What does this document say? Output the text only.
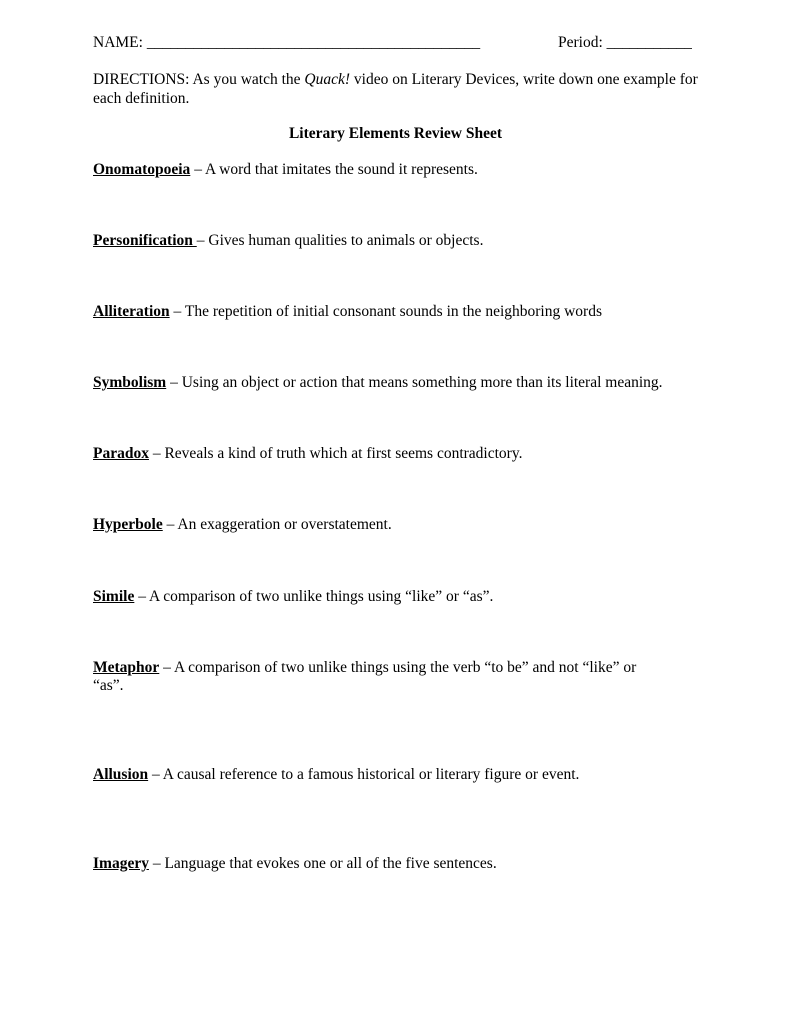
NAME: ___________________________________________	Period: ___________
DIRECTIONS: As you watch the Quack! video on Literary Devices, write down one example for each definition.
Literary Elements Review Sheet
Onomatopoeia – A word that imitates the sound it represents.
Personification – Gives human qualities to animals or objects.
Alliteration – The repetition of initial consonant sounds in the neighboring words
Symbolism – Using an object or action that means something more than its literal meaning.
Paradox – Reveals a kind of truth which at first seems contradictory.
Hyperbole – An exaggeration or overstatement.
Simile – A comparison of two unlike things using “like” or “as”.
Metaphor – A comparison of two unlike things using the verb “to be” and not “like” or “as”.
Allusion – A causal reference to a famous historical or literary figure or event.
Imagery – Language that evokes one or all of the five sentences.
